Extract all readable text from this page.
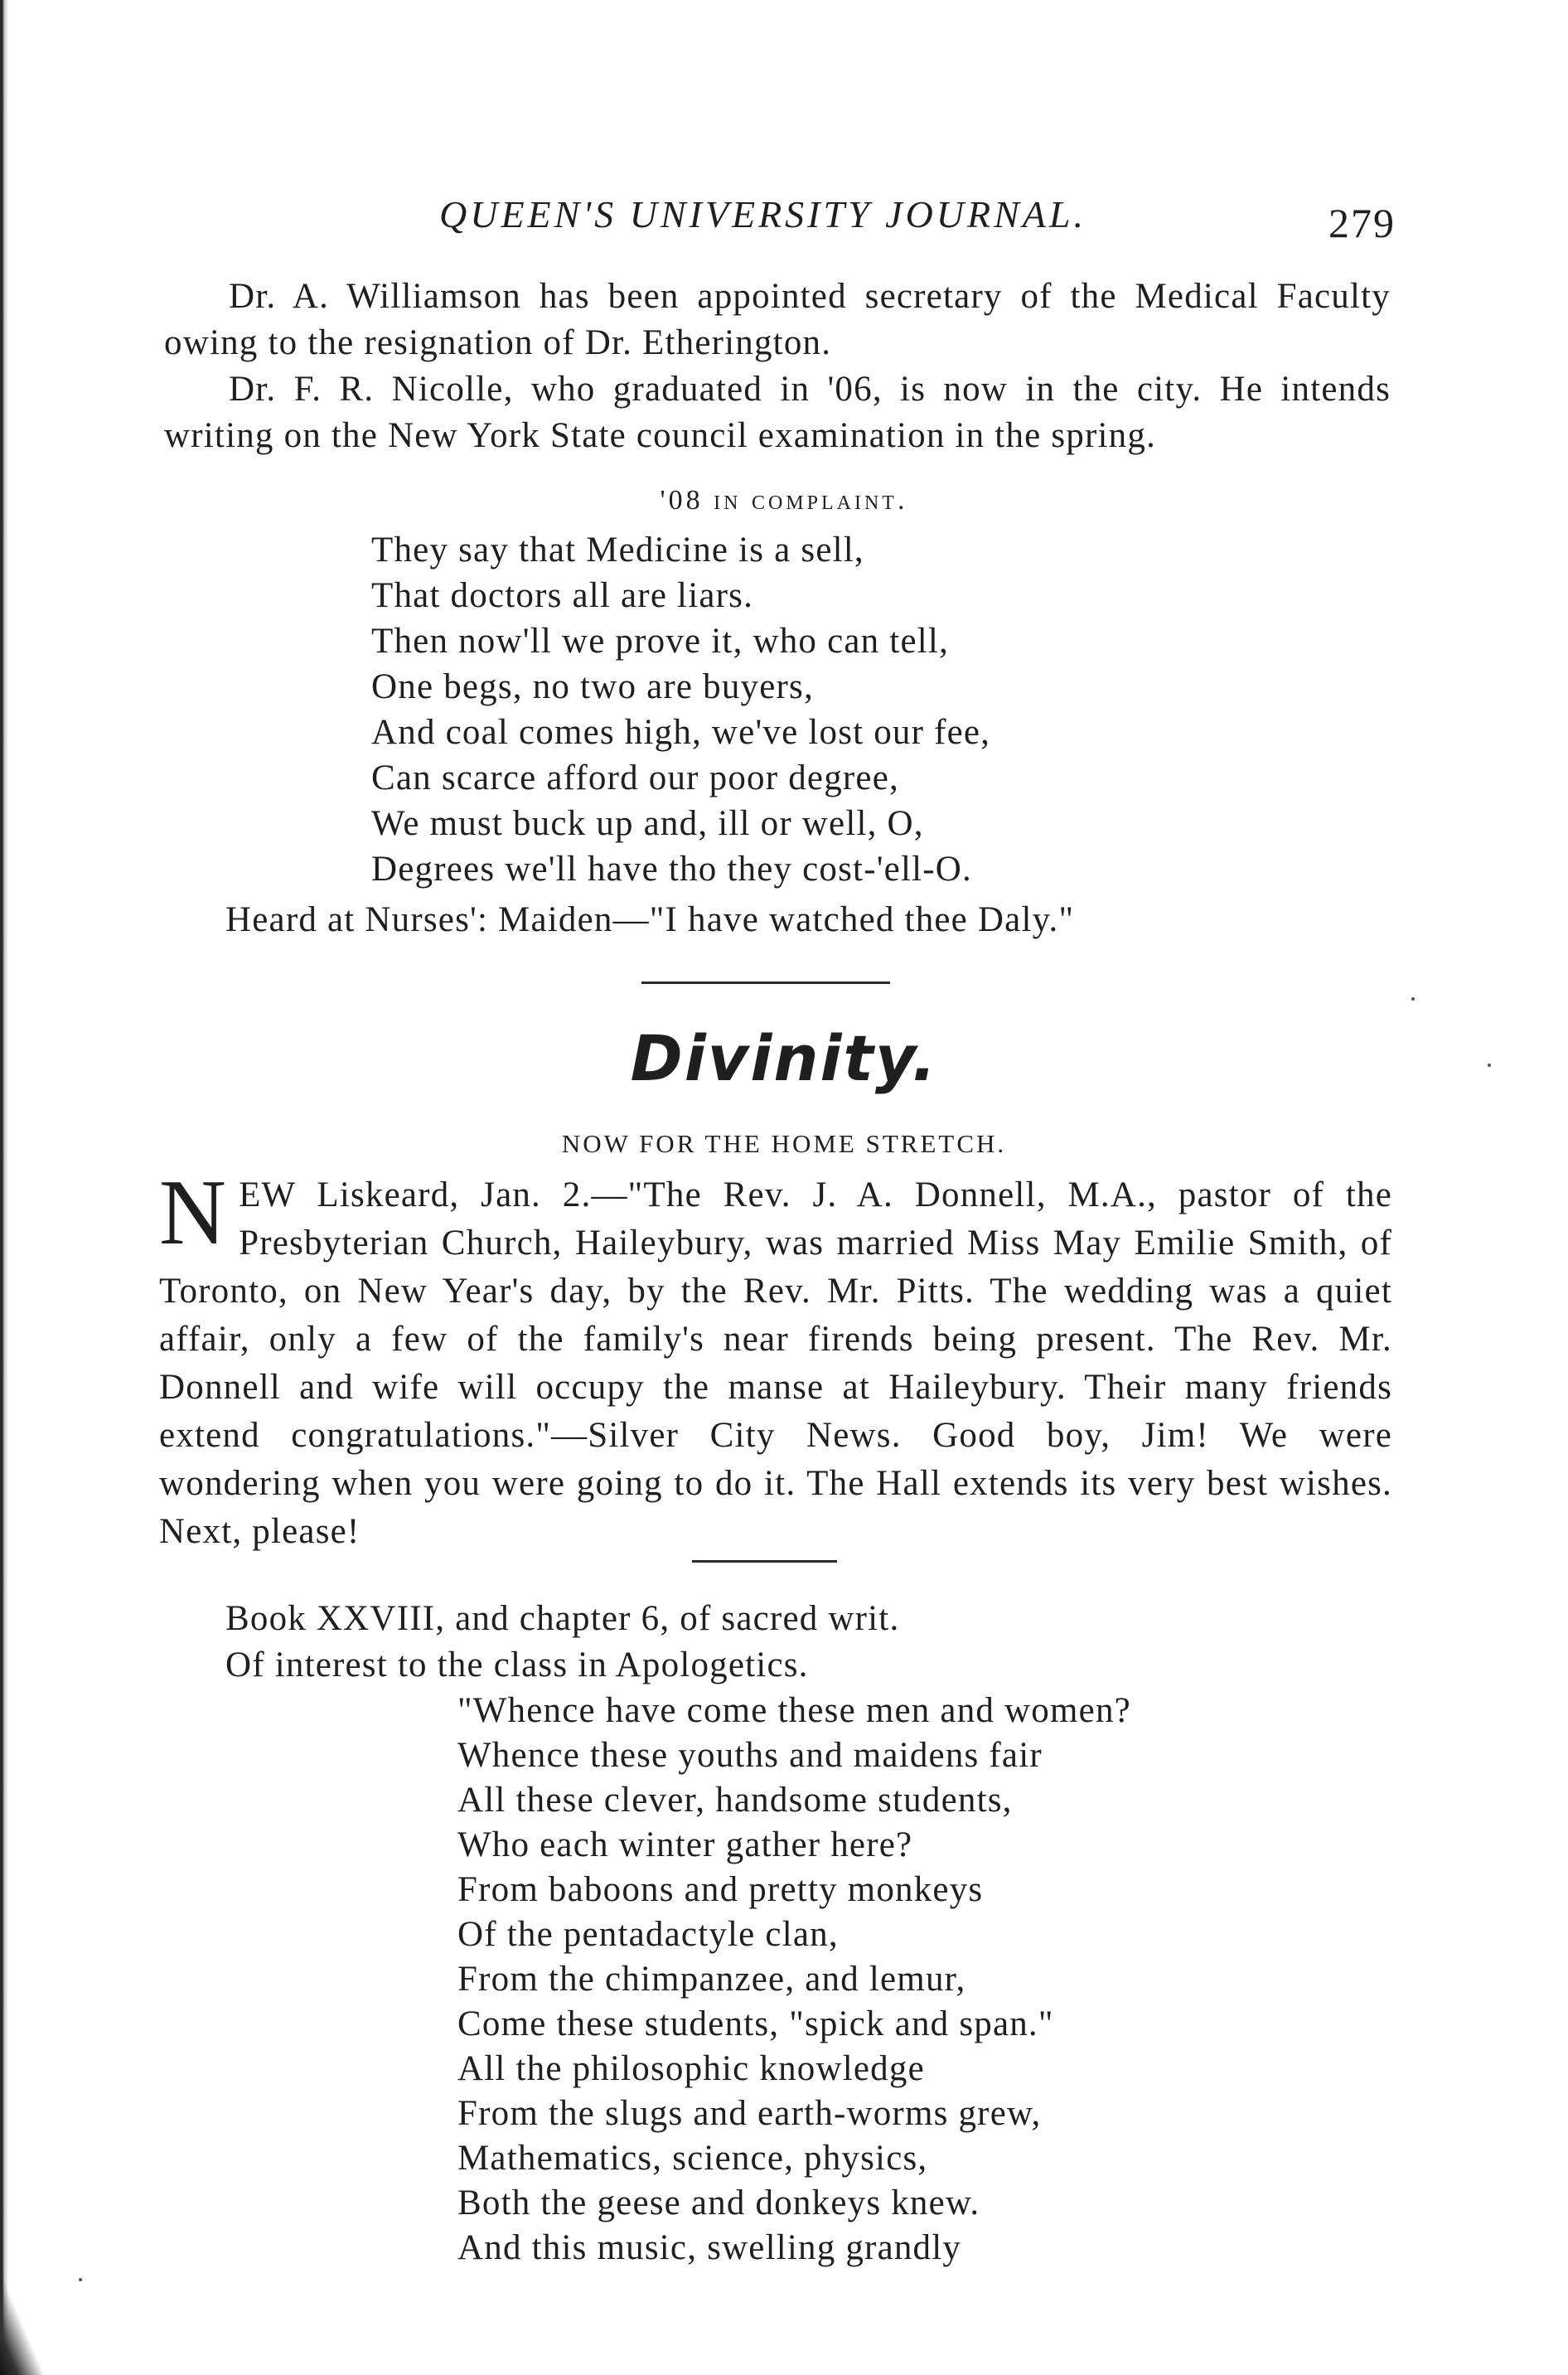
QUEEN'S UNIVERSITY JOURNAL.	279

Dr. A. Williamson has been appointed secretary of the Medical Faculty owing to the resignation of Dr. Etherington.

Dr. F. R. Nicolle, who graduated in '06, is now in the city. He intends writing on the New York State council examination in the spring.

'08 in complaint.
They say that Medicine is a sell,
That doctors all are liars.
Then now'll we prove it, who can tell,
One begs, no two are buyers,
And coal comes high, we've lost our fee,
Can scarce afford our poor degree,
We must buck up and, ill or well, O,
Degrees we'll have tho they cost-'ell-O.

Heard at Nurses': Maiden—"I have watched thee Daly."

Divinity.
NOW FOR THE HOME STRETCH.

NEW Liskeard, Jan. 2.—"The Rev. J. A. Donnell, M.A., pastor of the Presbyterian Church, Haileybury, was married Miss May Emilie Smith, of Toronto, on New Year's day, by the Rev. Mr. Pitts. The wedding was a quiet affair, only a few of the family's near firends being present. The Rev. Mr. Donnell and wife will occupy the manse at Haileybury. Their many friends extend congratulations."—Silver City News. Good boy, Jim! We were wondering when you were going to do it. The Hall extends its very best wishes. Next, please!

Book XXVIII, and chapter 6, of sacred writ.
Of interest to the class in Apologetics.
"Whence have come these men and women?
Whence these youths and maidens fair
All these clever, handsome students,
Who each winter gather here?
From baboons and pretty monkeys
Of the pentadactyle clan,
From the chimpanzee, and lemur,
Come these students, "spick and span."
All the philosophic knowledge
From the slugs and earth-worms grew,
Mathematics, science, physics,
Both the geese and donkeys knew.
And this music, swelling grandly
